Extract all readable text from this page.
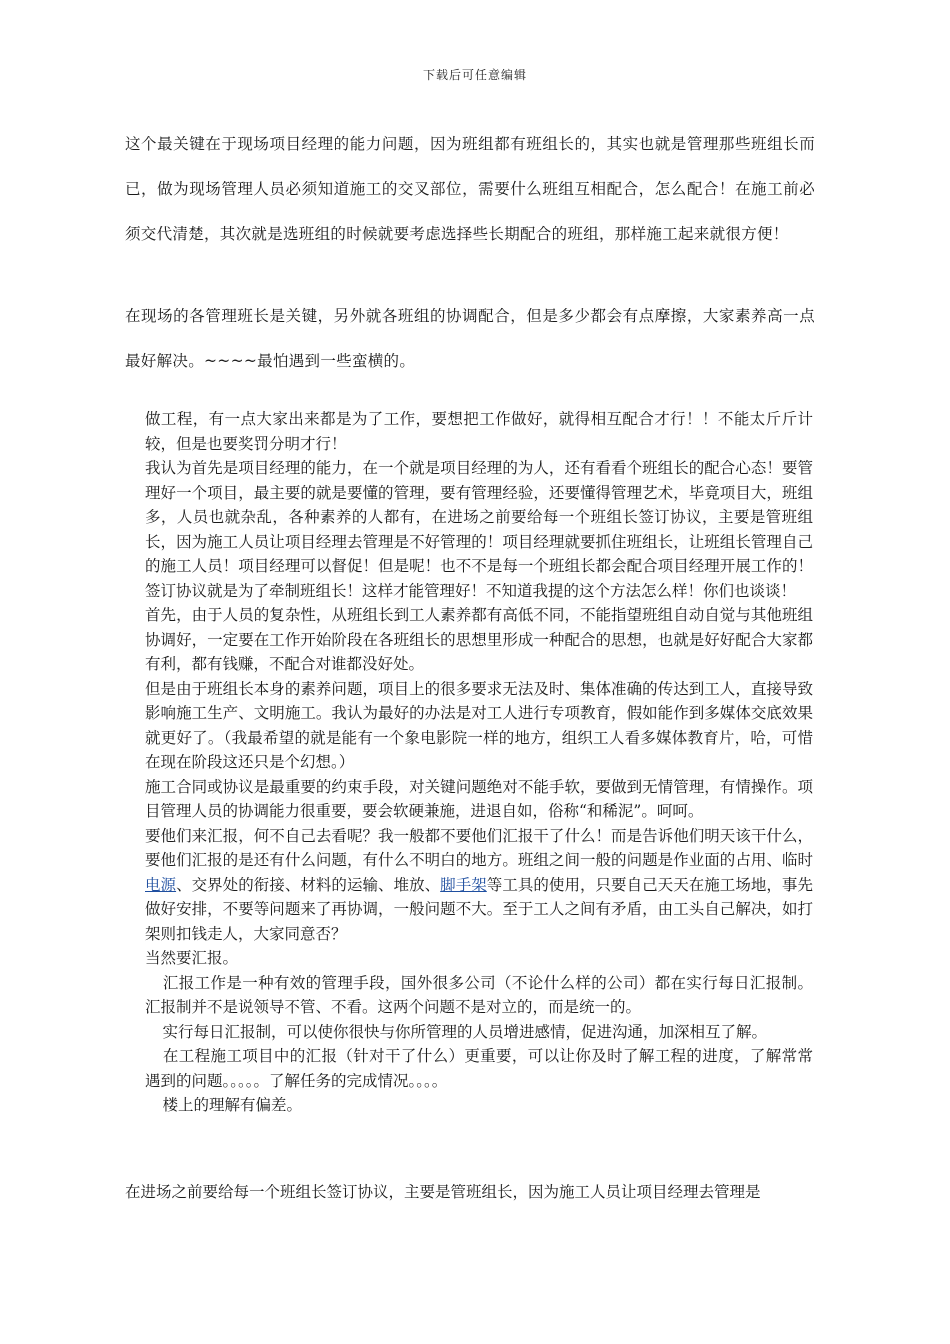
下载后可任意编辑
这个最关键在于现场项目经理的能力问题，因为班组都有班组长的，其实也就是管理那些班组长而已，做为现场管理人员必须知道施工的交叉部位，需要什么班组互相配合，怎么配合！在施工前必须交代清楚，其次就是选班组的时候就要考虑选择些长期配合的班组，那样施工起来就很方便！
在现场的各管理班长是关键，另外就各班组的协调配合，但是多少都会有点摩擦，大家素养高一点最好解决。~~~~最怕遇到一些蛮横的。

做工程，有一点大家出来都是为了工作，要想把工作做好，就得相互配合才行！！不能太斤斤计较，但是也要奖罚分明才行！

我认为首先是项目经理的能力，在一个就是项目经理的为人，还有看看个班组长的配合心态！要管理好一个项目，最主要的就是要懂的管理，要有管理经验，还要懂得管理艺术，毕竟项目大，班组多，人员也就杂乱，各种素养的人都有，在进场之前要给每一个班组长签订协议，主要是管班组长，因为施工人员让项目经理去管理是不好管理的！项目经理就要抓住班组长，让班组长管理自己的施工人员！项目经理可以督促！但是呢！也不不是每一个班组长都会配合项目经理开展工作的！签订协议就是为了牵制班组长！这样才能管理好！不知道我提的这个方法怎么样！你们也谈谈！

首先，由于人员的复杂性，从班组长到工人素养都有高低不同，不能指望班组自动自觉与其他班组协调好，一定要在工作开始阶段在各班组长的思想里形成一种配合的思想，也就是好好配合大家都有利，都有钱赚，不配合对谁都没好处。

但是由于班组长本身的素养问题，项目上的很多要求无法及时、集体准确的传达到工人，直接导致影响施工生产、文明施工。我认为最好的办法是对工人进行专项教育，假如能作到多媒体交底效果就更好了。（我最希望的就是能有一个象电影院一样的地方，组织工人看多媒体教育片，哈，可惜在现在阶段这还只是个幻想。）

施工合同或协议是最重要的约束手段，对关键问题绝对不能手软，要做到无情管理，有情操作。项目管理人员的协调能力很重要，要会软硬兼施，进退自如，俗称“和稀泥”。呵呵。

要他们来汇报，何不自己去看呢？我一般都不要他们汇报干了什么！而是告诉他们明天该干什么，要他们汇报的是还有什么问题，有什么不明白的地方。班组之间一般的问题是作业面的占用、临时电源、交界处的衔接、材料的运输、堆放、脚手架等工具的使用，只要自己天天在施工场地，事先做好安排，不要等问题来了再协调，一般问题不大。至于工人之间有矛盾，由工头自己解决，如打架则扣钱走人，大家同意否？

当然要汇报。

　汇报工作是一种有效的管理手段，国外很多公司（不论什么样的公司）都在实行每日汇报制。汇报制并不是说领导不管、不看。这两个问题不是对立的，而是统一的。

　实行每日汇报制，可以使你很快与你所管理的人员增进感情，促进沟通，加深相互了解。

　在工程施工项目中的汇报（针对干了什么）更重要，可以让你及时了解工程的进度，了解常常遇到的问题。。。。。了解任务的完成情况。。。。

　楼上的理解有偏差。

在进场之前要给每一个班组长签订协议，主要是管班组长，因为施工人员让项目经理去管理是
